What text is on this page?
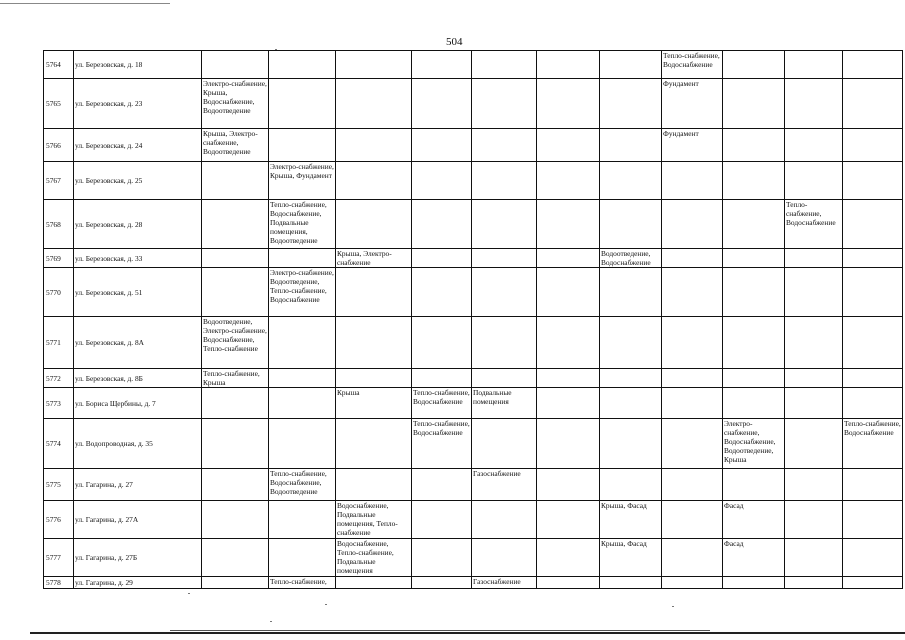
504
5764	ул. Березовская, д. 18								Тепло-снабжение, Водоснабжение			
5765	ул. Березовская, д. 23	Электро-снабжение, Крыша, Водоснабжение, Водоотведение							Фундамент			
5766	ул. Березовская, д. 24	Крыша, Электро-снабжение, Водоотведение							Фундамент			
5767	ул. Березовская, д. 25		Электро-снабжение, Крыша, Фундамент									
5768	ул. Березовская, д. 28		Тепло-снабжение, Водоснабжение, Подвальные помещения, Водоотведение								Тепло-снабжение, Водоснабжение	
5769	ул. Березовская, д. 33			Крыша, Электро-снабжение				Водоотведение, Водоснабжение				
5770	ул. Березовская, д. 51		Электро-снабжение, Водоотведение, Тепло-снабжение, Водоснабжение									
5771	ул. Березовская, д. 8А	Водоотведение, Электро-снабжение, Водоснабжение, Тепло-снабжение										
5772	ул. Березовская, д. 8Б	Тепло-снабжение, Крыша										
5773	ул. Бориса Щербины, д. 7			Крыша	Тепло-снабжение, Водоснабжение	Подвальные помещения						
5774	ул. Водопроводная, д. 35				Тепло-снабжение, Водоснабжение					Электро-снабжение, Водоснабжение, Водоотведение, Крыша		Тепло-снабжение, Водоснабжение
5775	ул. Гагарина, д. 27		Тепло-снабжение, Водоснабжение, Водоотведение			Газоснабжение						
5776	ул. Гагарина, д. 27А			Водоснабжение, Подвальные помещения, Тепло-снабжение				Крыша, Фасад		Фасад		
5777	ул. Гагарина, д. 27Б			Водоснабжение, Тепло-снабжение, Подвальные помещения				Крыша, Фасад		Фасад		
5778	ул. Гагарина, д. 29		Тепло-снабжение,			Газоснабжение						
